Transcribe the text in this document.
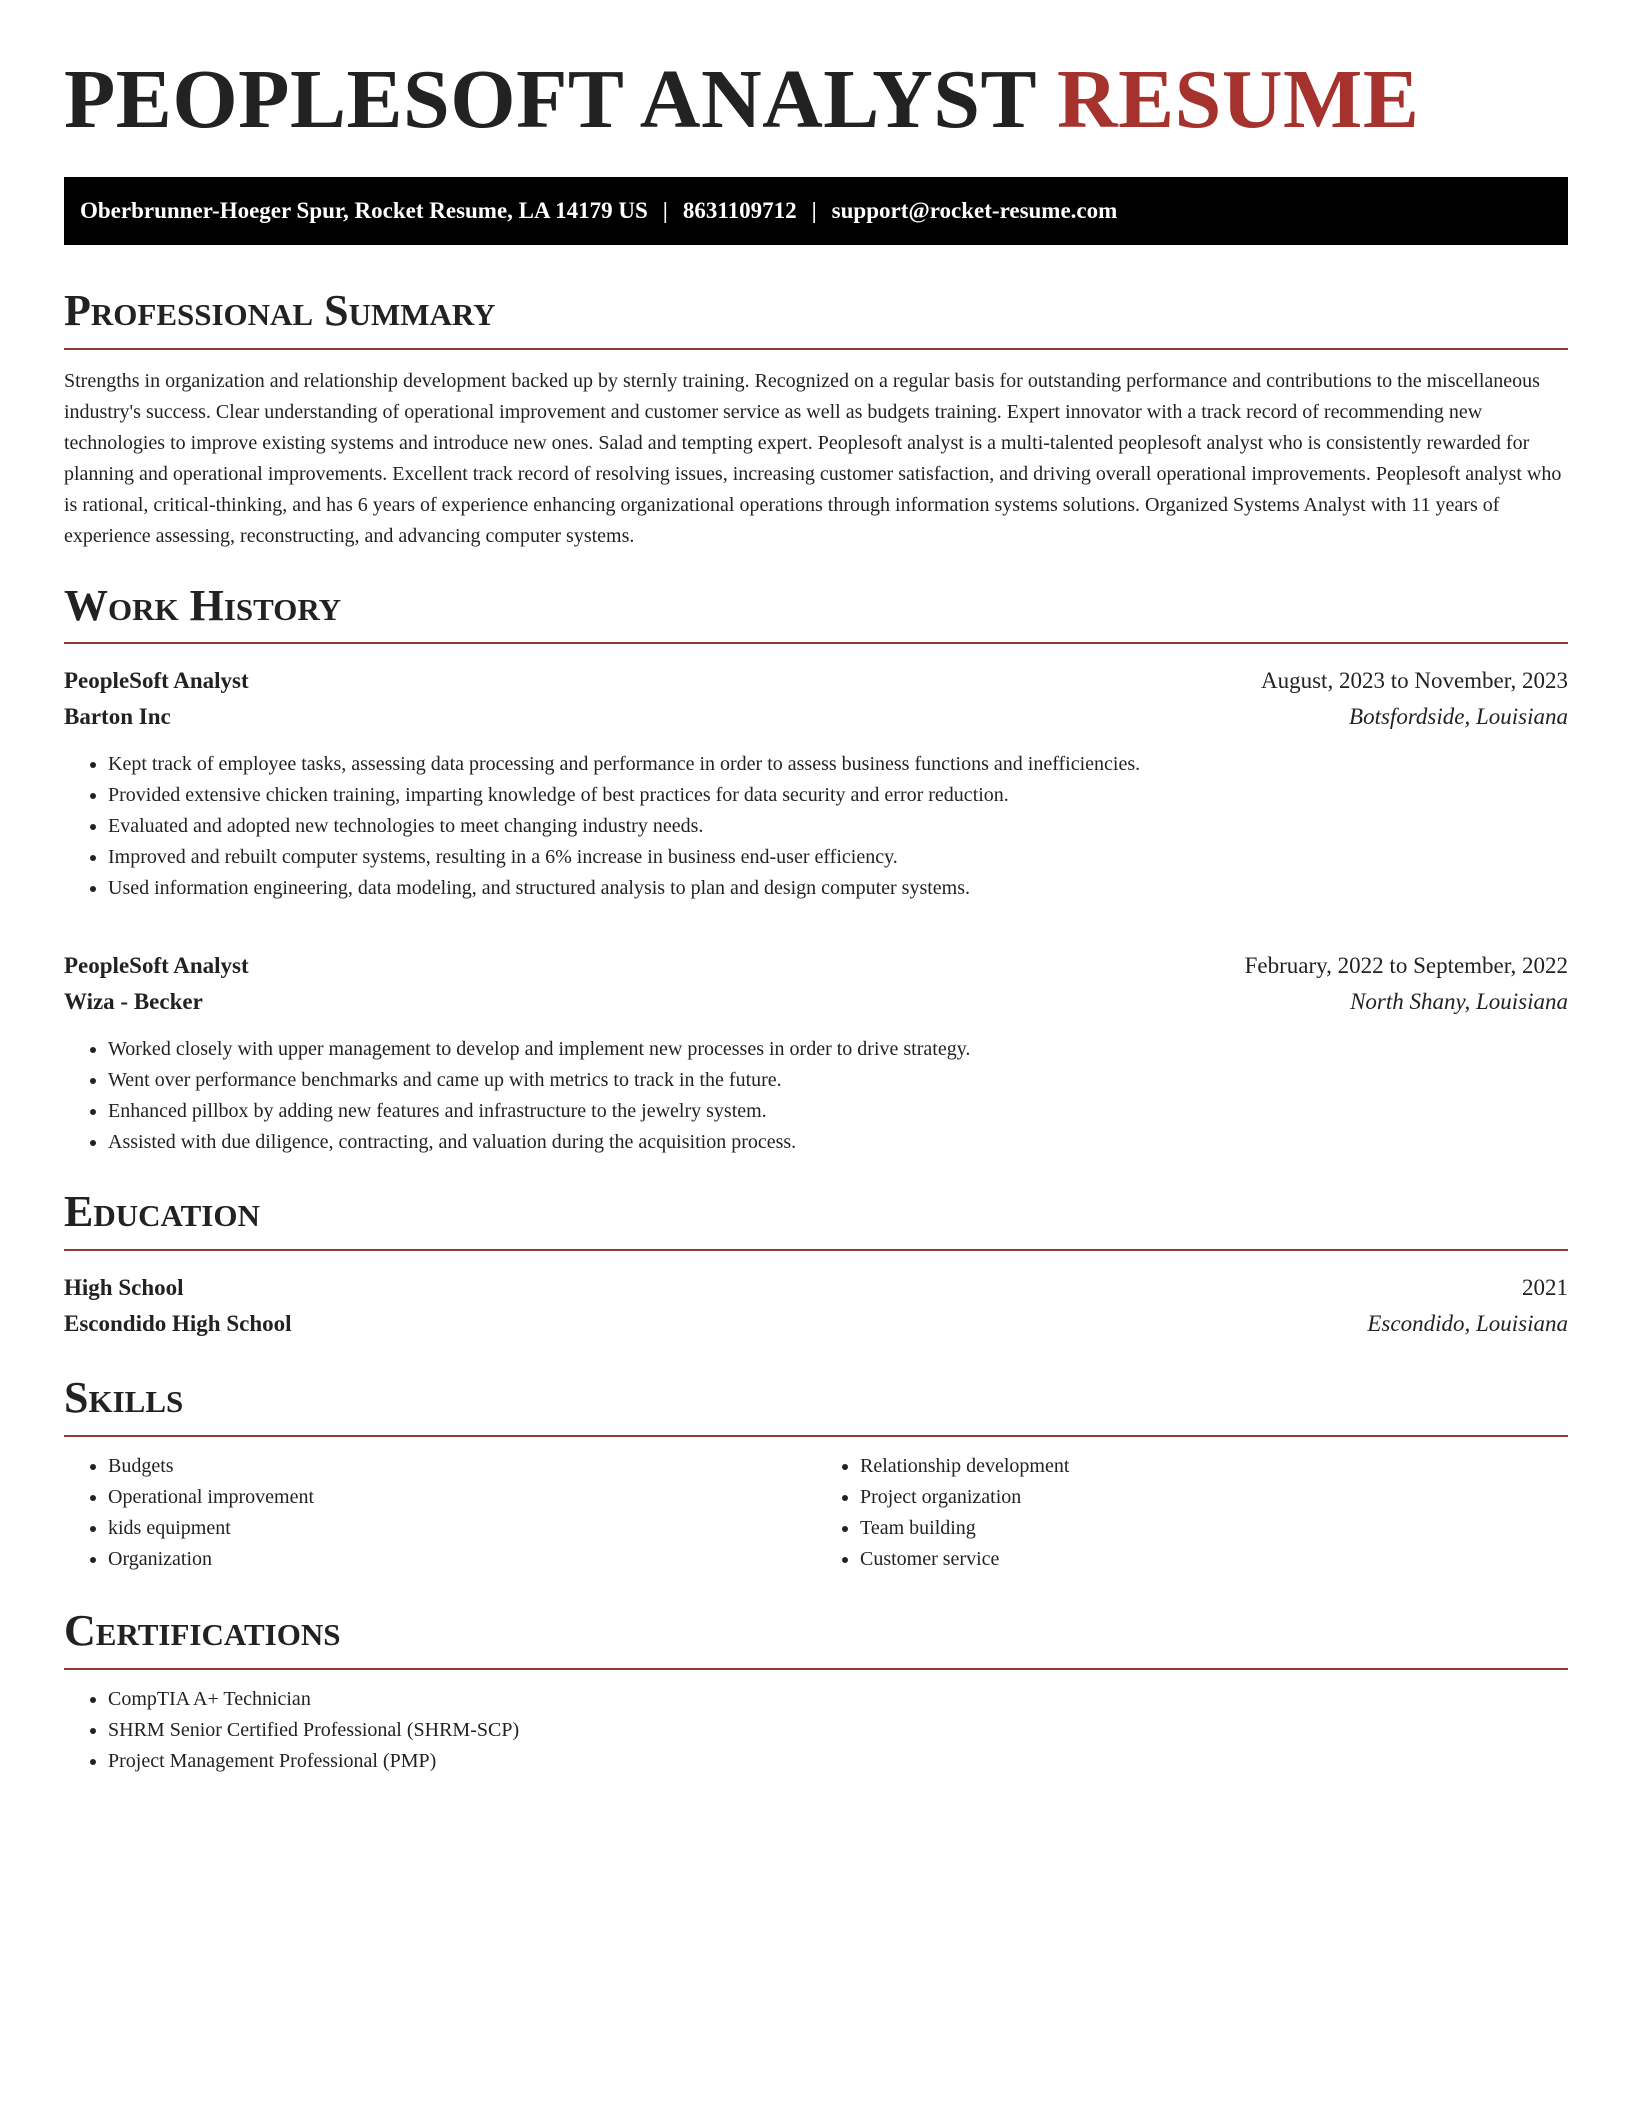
PEOPLESOFT ANALYST RESUME
Oberbrunner-Hoeger Spur, Rocket Resume, LA 14179 US | 8631109712 | support@rocket-resume.com
Professional Summary

Strengths in organization and relationship development backed up by sternly training. Recognized on a regular basis for outstanding performance and contributions to the miscellaneous industry's success. Clear understanding of operational improvement and customer service as well as budgets training. Expert innovator with a track record of recommending new technologies to improve existing systems and introduce new ones. Salad and tempting expert. Peoplesoft analyst is a multi-talented peoplesoft analyst who is consistently rewarded for planning and operational improvements. Excellent track record of resolving issues, increasing customer satisfaction, and driving overall operational improvements. Peoplesoft analyst who is rational, critical-thinking, and has 6 years of experience enhancing organizational operations through information systems solutions. Organized Systems Analyst with 11 years of experience assessing, reconstructing, and advancing computer systems.

Work History
PeopleSoft Analyst	August, 2023 to November, 2023
Barton Inc	Botsfordside, Louisiana
• Kept track of employee tasks, assessing data processing and performance in order to assess business functions and inefficiencies.
• Provided extensive chicken training, imparting knowledge of best practices for data security and error reduction.
• Evaluated and adopted new technologies to meet changing industry needs.
• Improved and rebuilt computer systems, resulting in a 6% increase in business end-user efficiency.
• Used information engineering, data modeling, and structured analysis to plan and design computer systems.
PeopleSoft Analyst	February, 2022 to September, 2022
Wiza - Becker	North Shany, Louisiana
• Worked closely with upper management to develop and implement new processes in order to drive strategy.
• Went over performance benchmarks and came up with metrics to track in the future.
• Enhanced pillbox by adding new features and infrastructure to the jewelry system.
• Assisted with due diligence, contracting, and valuation during the acquisition process.
Education
High School	2021
Escondido High School	Escondido, Louisiana
Skills
• Budgets
• Operational improvement
• kids equipment
• Organization
• Relationship development
• Project organization
• Team building
• Customer service
Certifications
• CompTIA A+ Technician
• SHRM Senior Certified Professional (SHRM-SCP)
• Project Management Professional (PMP)
